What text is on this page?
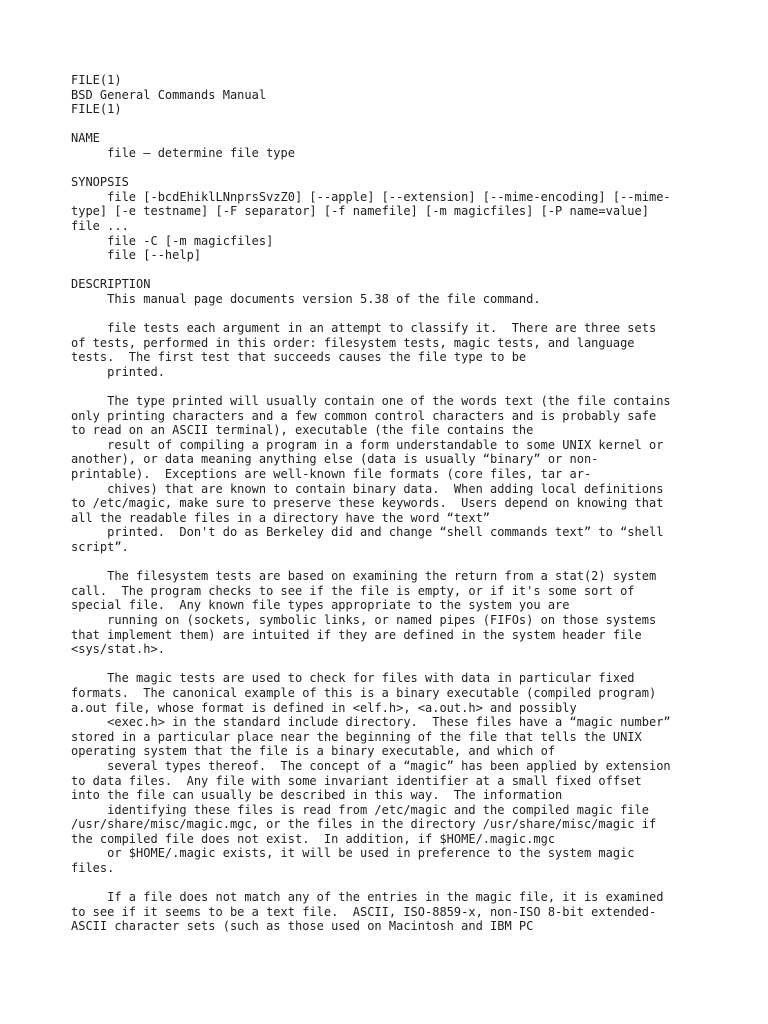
FILE(1)
BSD General Commands Manual
FILE(1)
NAME
file — determine file type
SYNOPSIS
file [-bcdEhiklLNnprsSvzZ0] [--apple] [--extension] [--mime-encoding] [--mime-
type] [-e testname] [-F separator] [-f namefile] [-m magicfiles] [-P name=value]
file ...
file -C [-m magicfiles]
file [--help]
DESCRIPTION
This manual page documents version 5.38 of the file command.
file tests each argument in an attempt to classify it.  There are three sets
of tests, performed in this order: filesystem tests, magic tests, and language
tests.  The first test that succeeds causes the file type to be
printed.
The type printed will usually contain one of the words text (the file contains
only printing characters and a few common control characters and is probably safe
to read on an ASCII terminal), executable (the file contains the
result of compiling a program in a form understandable to some UNIX kernel or
another), or data meaning anything else (data is usually “binary” or non-
printable).  Exceptions are well-known file formats (core files, tar ar-
chives) that are known to contain binary data.  When adding local definitions
to /etc/magic, make sure to preserve these keywords.  Users depend on knowing that
all the readable files in a directory have the word “text”
printed.  Don't do as Berkeley did and change “shell commands text” to “shell
script”.
The filesystem tests are based on examining the return from a stat(2) system
call.  The program checks to see if the file is empty, or if it's some sort of
special file.  Any known file types appropriate to the system you are
running on (sockets, symbolic links, or named pipes (FIFOs) on those systems
that implement them) are intuited if they are defined in the system header file
<sys/stat.h>.
The magic tests are used to check for files with data in particular fixed
formats.  The canonical example of this is a binary executable (compiled program)
a.out file, whose format is defined in <elf.h>, <a.out.h> and possibly
<exec.h> in the standard include directory.  These files have a “magic number”
stored in a particular place near the beginning of the file that tells the UNIX
operating system that the file is a binary executable, and which of
several types thereof.  The concept of a “magic” has been applied by extension
to data files.  Any file with some invariant identifier at a small fixed offset
into the file can usually be described in this way.  The information
identifying these files is read from /etc/magic and the compiled magic file
/usr/share/misc/magic.mgc, or the files in the directory /usr/share/misc/magic if
the compiled file does not exist.  In addition, if $HOME/.magic.mgc
or $HOME/.magic exists, it will be used in preference to the system magic
files.
If a file does not match any of the entries in the magic file, it is examined
to see if it seems to be a text file.  ASCII, ISO-8859-x, non-ISO 8-bit extended-
ASCII character sets (such as those used on Macintosh and IBM PC
